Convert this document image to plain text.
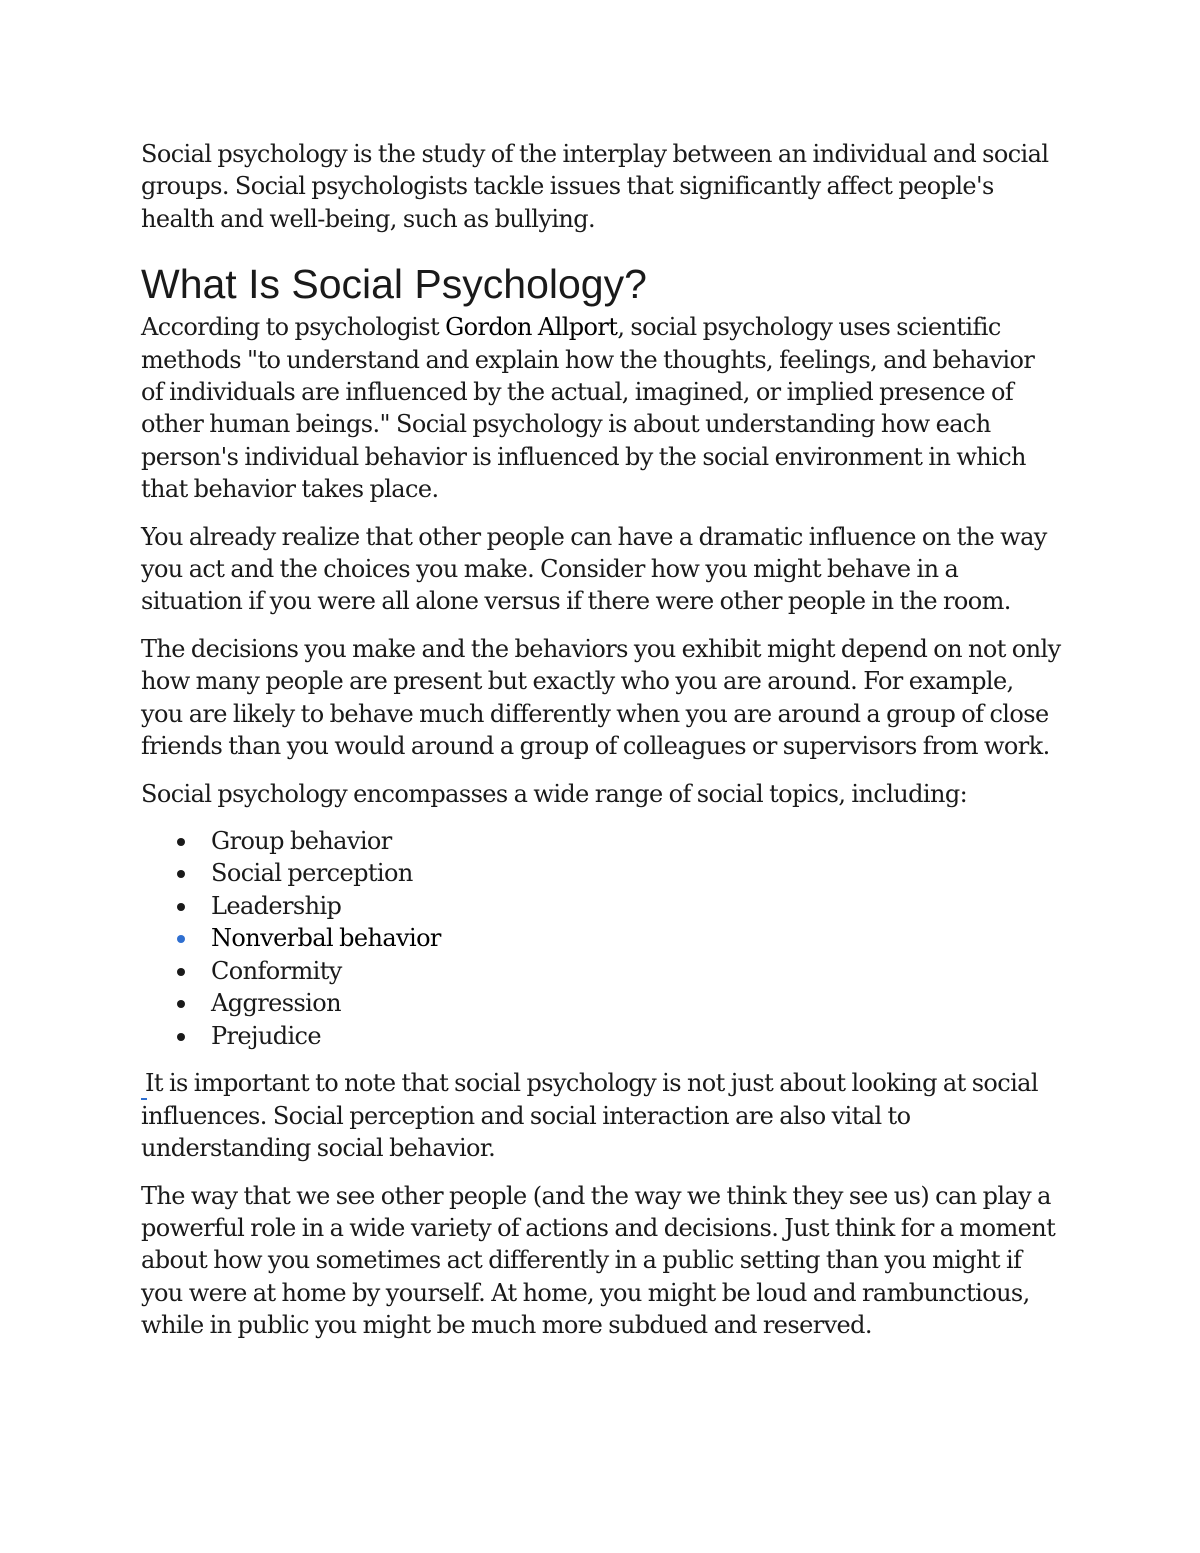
Social psychology is the study of the interplay between an individual and social groups. Social psychologists tackle issues that significantly affect people's health and well-being, such as bullying.

What Is Social Psychology?

According to psychologist Gordon Allport, social psychology uses scientific methods "to understand and explain how the thoughts, feelings, and behavior of individuals are influenced by the actual, imagined, or implied presence of other human beings." Social psychology is about understanding how each person's individual behavior is influenced by the social environment in which that behavior takes place.

You already realize that other people can have a dramatic influence on the way you act and the choices you make. Consider how you might behave in a situation if you were all alone versus if there were other people in the room.

The decisions you make and the behaviors you exhibit might depend on not only how many people are present but exactly who you are around. For example, you are likely to behave much differently when you are around a group of close friends than you would around a group of colleagues or supervisors from work.

Social psychology encompasses a wide range of social topics, including:

Group behavior
Social perception
Leadership
Nonverbal behavior
Conformity
Aggression
Prejudice

It is important to note that social psychology is not just about looking at social influences. Social perception and social interaction are also vital to understanding social behavior.

The way that we see other people (and the way we think they see us) can play a powerful role in a wide variety of actions and decisions. Just think for a moment about how you sometimes act differently in a public setting than you might if you were at home by yourself. At home, you might be loud and rambunctious, while in public you might be much more subdued and reserved.
